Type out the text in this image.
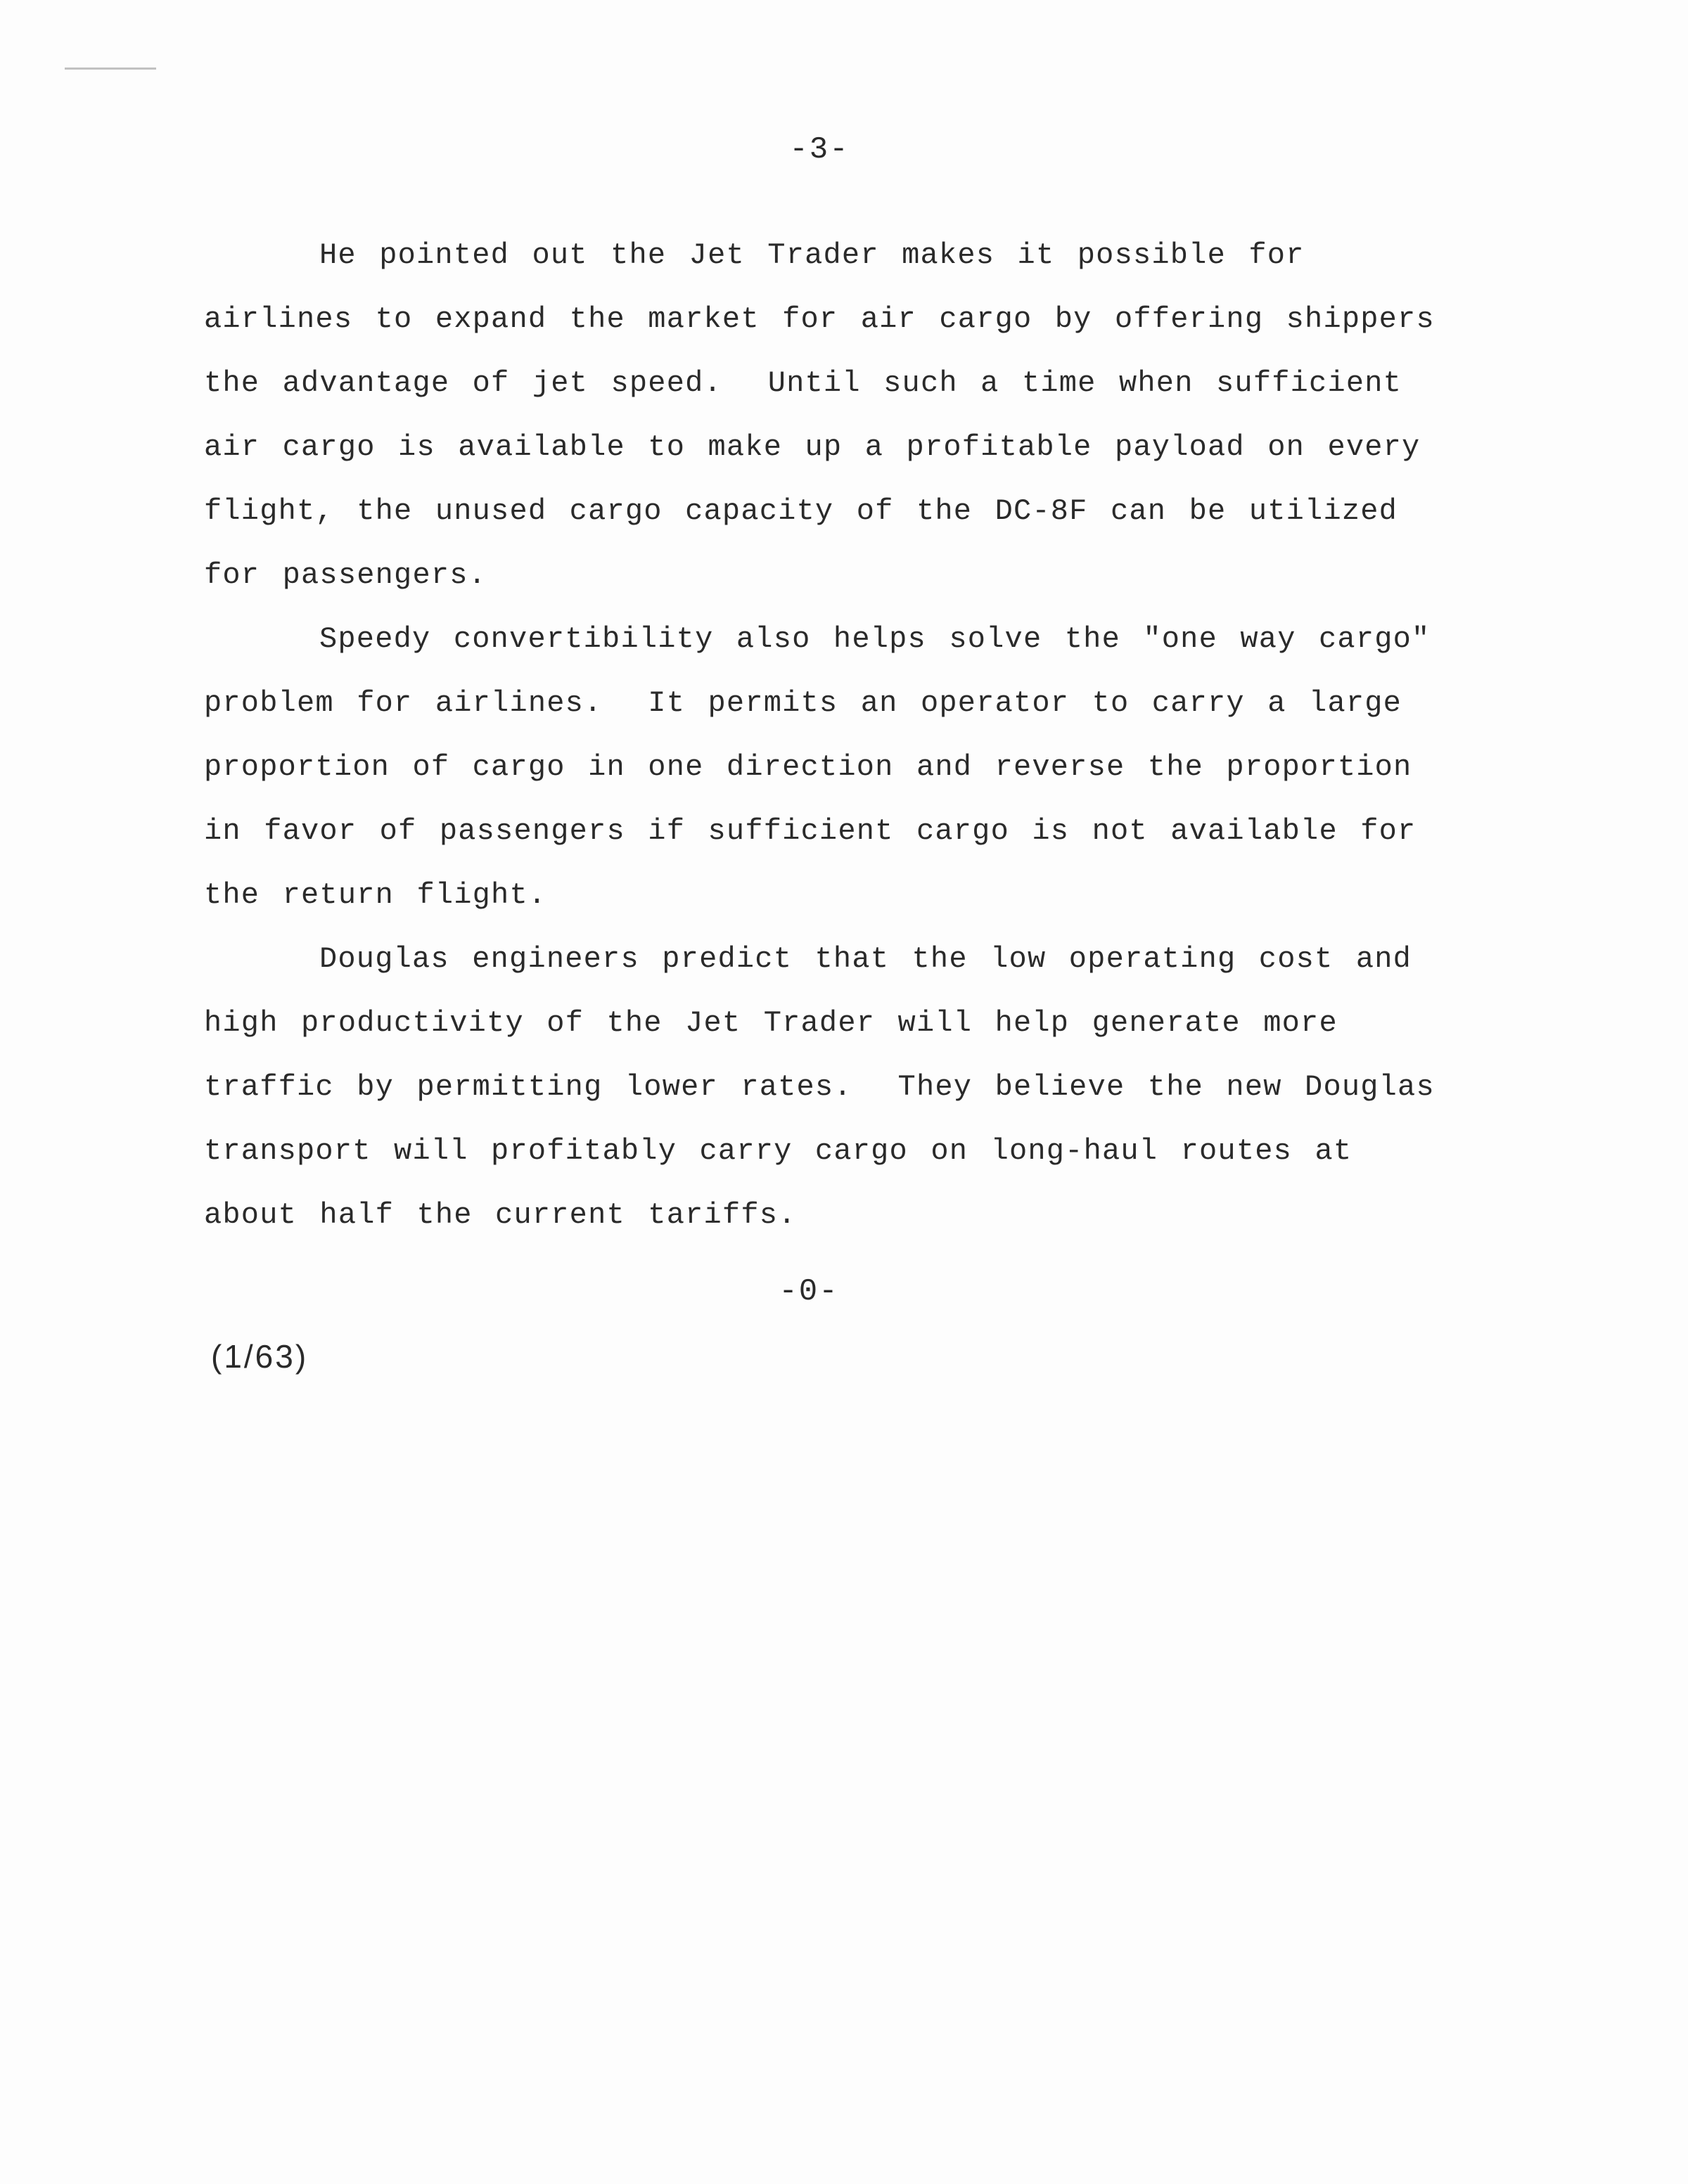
-3-

He pointed out the Jet Trader makes it possible for
airlines to expand the market for air cargo by offering shippers
the advantage of jet speed.  Until such a time when sufficient
air cargo is available to make up a profitable payload on every
flight, the unused cargo capacity of the DC-8F can be utilized
for passengers.

Speedy convertibility also helps solve the "one way cargo"
problem for airlines.  It permits an operator to carry a large
proportion of cargo in one direction and reverse the proportion
in favor of passengers if sufficient cargo is not available for
the return flight.

Douglas engineers predict that the low operating cost and
high productivity of the Jet Trader will help generate more
traffic by permitting lower rates.  They believe the new Douglas
transport will profitably carry cargo on long-haul routes at
about half the current tariffs.

-0-
(1/63)
